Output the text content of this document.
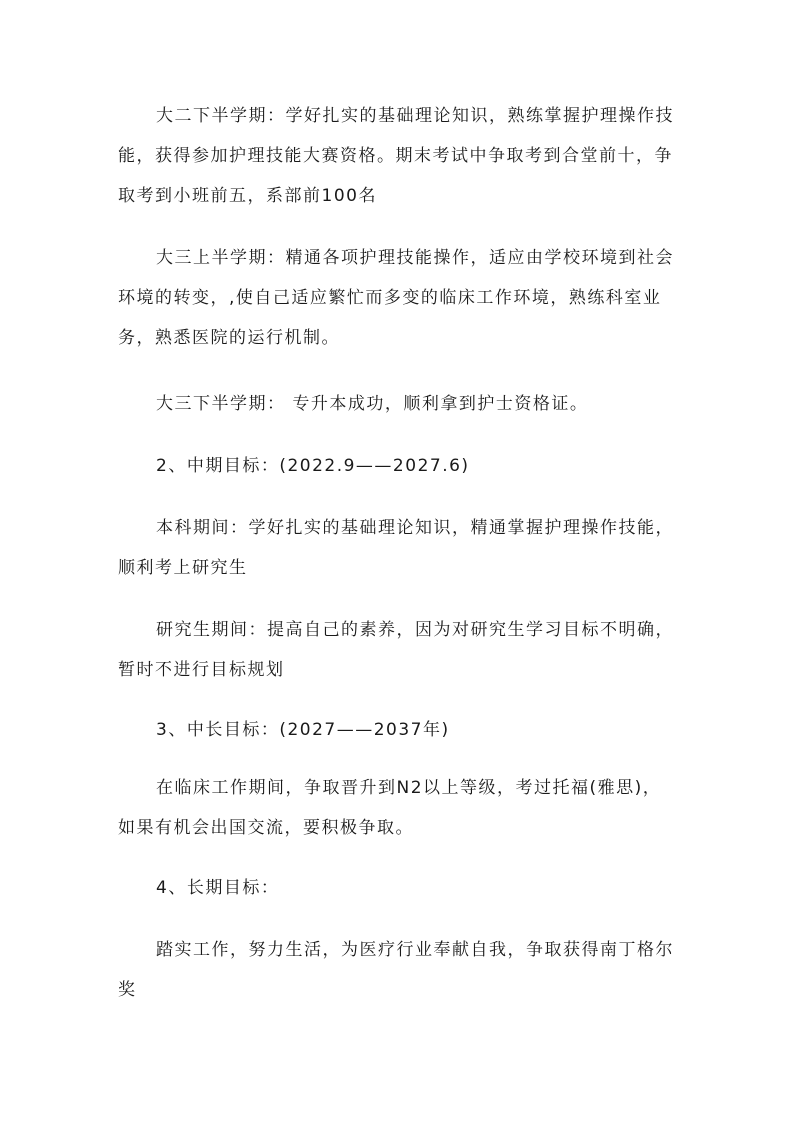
大二下半学期：学好扎实的基础理论知识，熟练掌握护理操作技能，获得参加护理技能大赛资格。期末考试中争取考到合堂前十，争取考到小班前五，系部前100名

大三上半学期：精通各项护理技能操作，适应由学校环境到社会环境的转变，,使自己适应繁忙而多变的临床工作环境，熟练科室业务，熟悉医院的运行机制。

大三下半学期： 专升本成功，顺利拿到护士资格证。

2、中期目标：(2022.9——2027.6)

本科期间：学好扎实的基础理论知识，精通掌握护理操作技能，顺利考上研究生

研究生期间：提高自己的素养，因为对研究生学习目标不明确，暂时不进行目标规划

3、中长目标：(2027——2037年)

在临床工作期间，争取晋升到N2以上等级，考过托福(雅思)，如果有机会出国交流，要积极争取。

4、长期目标：

踏实工作，努力生活，为医疗行业奉献自我，争取获得南丁格尔奖
